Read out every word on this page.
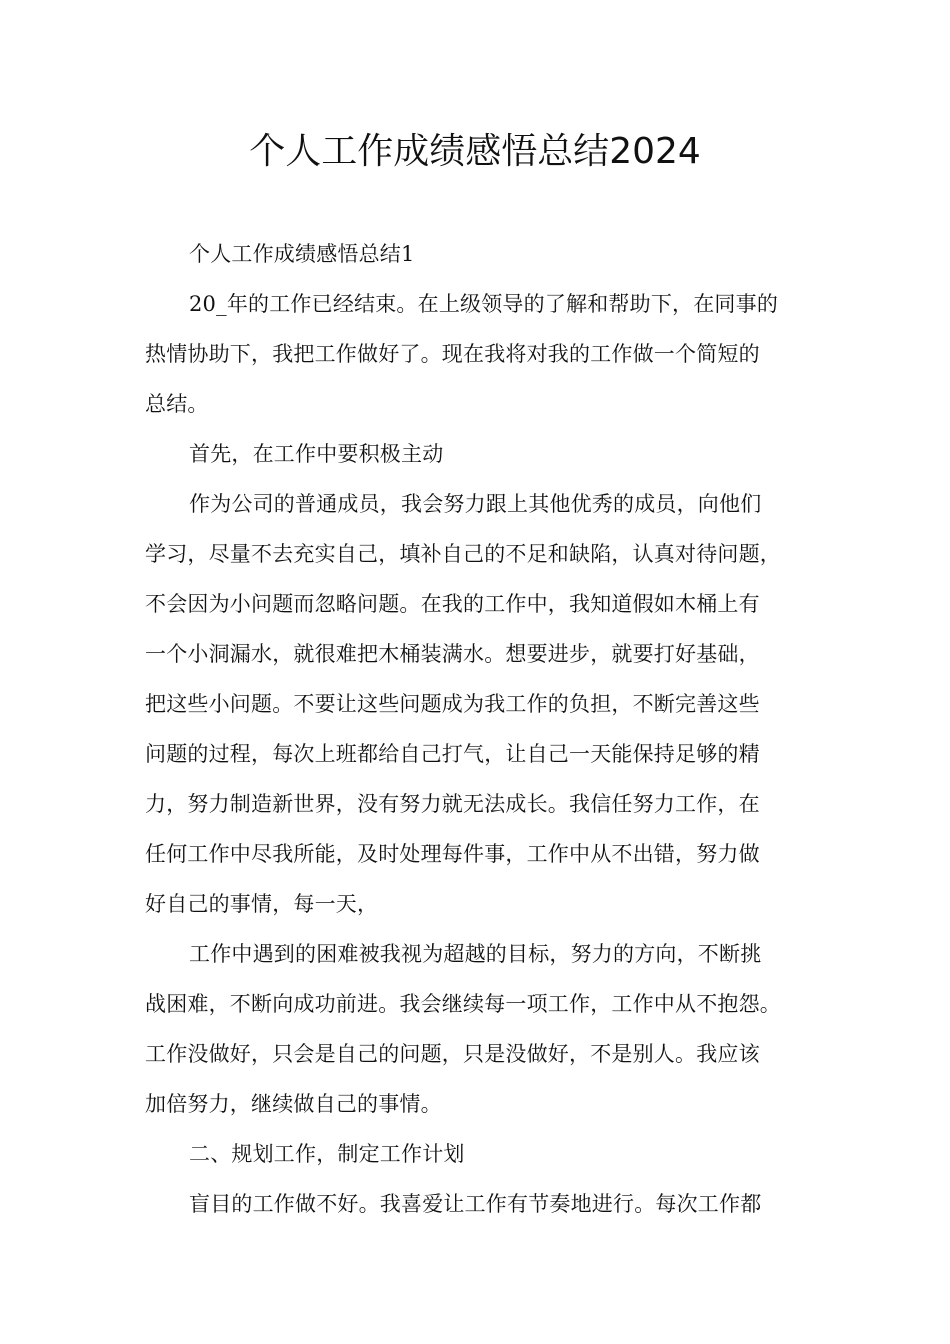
个人工作成绩感悟总结2024
个人工作成绩感悟总结1
20_年的工作已经结束。在上级领导的了解和帮助下，在同事的
热情协助下，我把工作做好了。现在我将对我的工作做一个简短的
总结。
首先，在工作中要积极主动
作为公司的普通成员，我会努力跟上其他优秀的成员，向他们
学习，尽量不去充实自己，填补自己的不足和缺陷，认真对待问题，
不会因为小问题而忽略问题。在我的工作中，我知道假如木桶上有
一个小洞漏水，就很难把木桶装满水。想要进步，就要打好基础，
把这些小问题。不要让这些问题成为我工作的负担，不断完善这些
问题的过程，每次上班都给自己打气，让自己一天能保持足够的精
力，努力制造新世界，没有努力就无法成长。我信任努力工作，在
任何工作中尽我所能，及时处理每件事，工作中从不出错，努力做
好自己的事情，每一天，
工作中遇到的困难被我视为超越的目标，努力的方向，不断挑
战困难，不断向成功前进。我会继续每一项工作，工作中从不抱怨。
工作没做好，只会是自己的问题，只是没做好，不是别人。我应该
加倍努力，继续做自己的事情。
二、规划工作，制定工作计划
盲目的工作做不好。我喜爱让工作有节奏地进行。每次工作都
